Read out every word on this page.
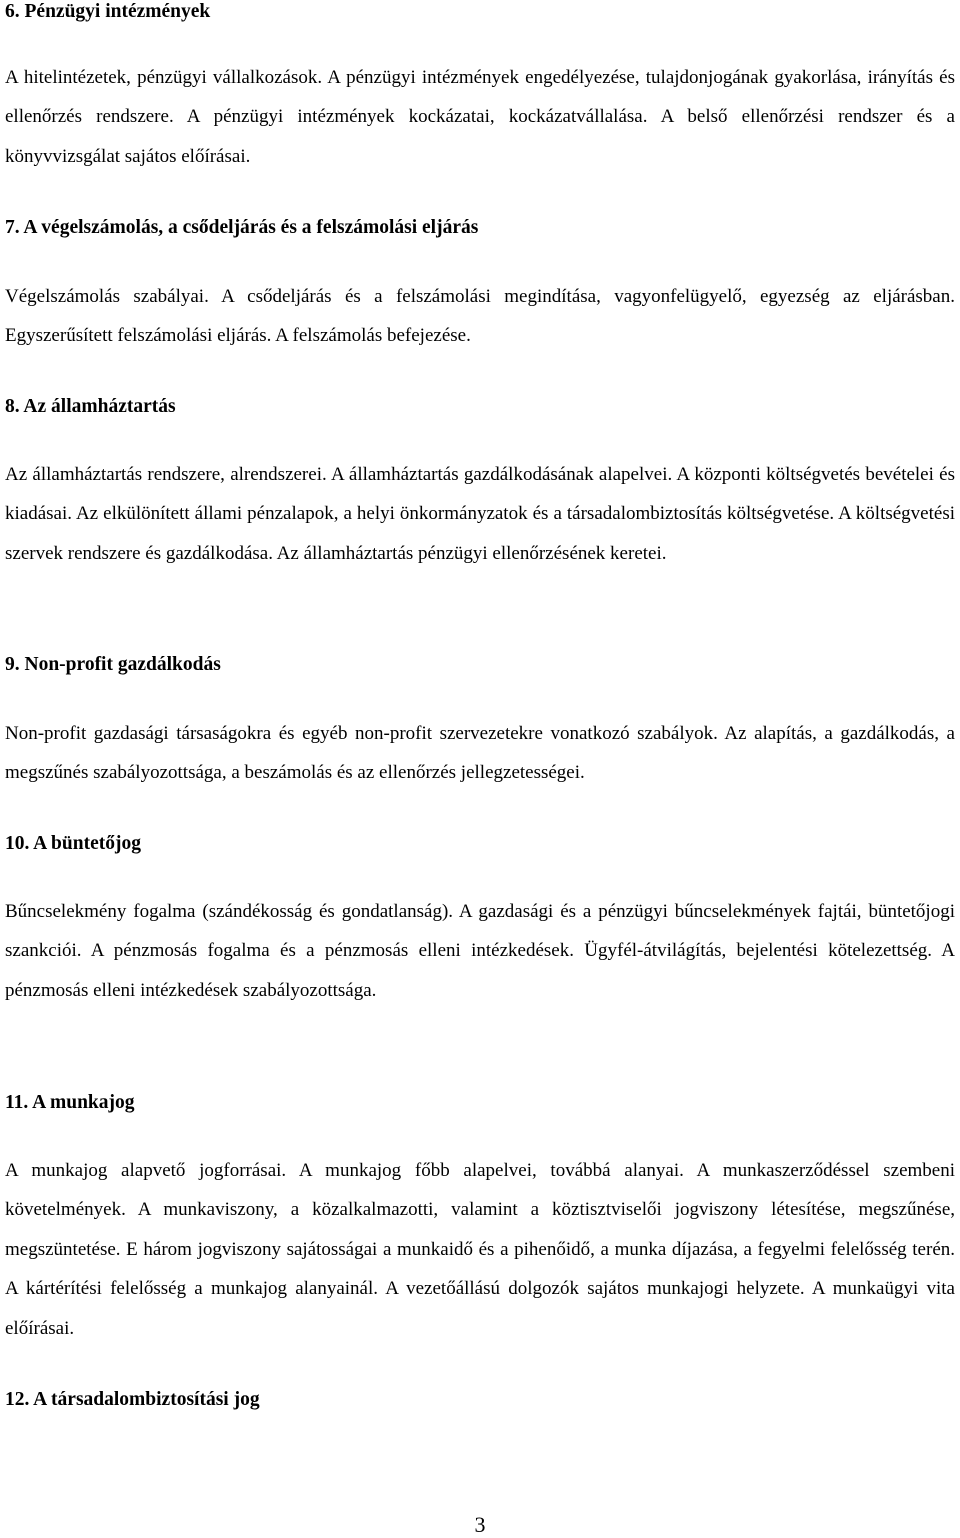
6. Pénzügyi intézmények

A hitelintézetek, pénzügyi vállalkozások. A pénzügyi intézmények engedélyezése, tulajdonjogának gyakorlása, irányítás és ellenőrzés rendszere. A pénzügyi intézmények kockázatai, kockázatvállalása. A belső ellenőrzési rendszer és a könyvvizsgálat sajátos előírásai.

7. A végelszámolás, a csődeljárás és a felszámolási eljárás

Végelszámolás szabályai. A csődeljárás és a felszámolási megindítása, vagyonfelügyelő, egyezség az eljárásban. Egyszerűsített felszámolási eljárás. A felszámolás befejezése.

8. Az államháztartás

Az államháztartás rendszere, alrendszerei. A államháztartás gazdálkodásának alapelvei. A központi költségvetés bevételei és kiadásai. Az elkülönített állami pénzalapok, a helyi önkormányzatok és a társadalombiztosítás költségvetése. A költségvetési szervek rendszere és gazdálkodása. Az államháztartás pénzügyi ellenőrzésének keretei.

9. Non-profit gazdálkodás

Non-profit gazdasági társaságokra és egyéb non-profit szervezetekre vonatkozó szabályok. Az alapítás, a gazdálkodás, a megszűnés szabályozottsága, a beszámolás és az ellenőrzés jellegzetességei.

10. A büntetőjog

Bűncselekmény fogalma (szándékosság és gondatlanság). A gazdasági és a pénzügyi bűncselekmények fajtái, büntetőjogi szankciói. A pénzmosás fogalma és a pénzmosás elleni intézkedések. Ügyfél-átvilágítás, bejelentési kötelezettség. A pénzmosás elleni intézkedések szabályozottsága.

11. A munkajog

A munkajog alapvető jogforrásai. A munkajog főbb alapelvei, továbbá alanyai. A munkaszerződéssel szembeni követelmények. A munkaviszony, a közalkalmazotti, valamint a köztisztviselői jogviszony létesítése, megszűnése, megszüntetése. E három jogviszony sajátosságai a munkaidő és a pihenőidő, a munka díjazása, a fegyelmi felelősség terén. A kártérítési felelősség a munkajog alanyainál. A vezetőállású dolgozók sajátos munkajogi helyzete. A munkaügyi vita előírásai.

12. A társadalombiztosítási jog
3
